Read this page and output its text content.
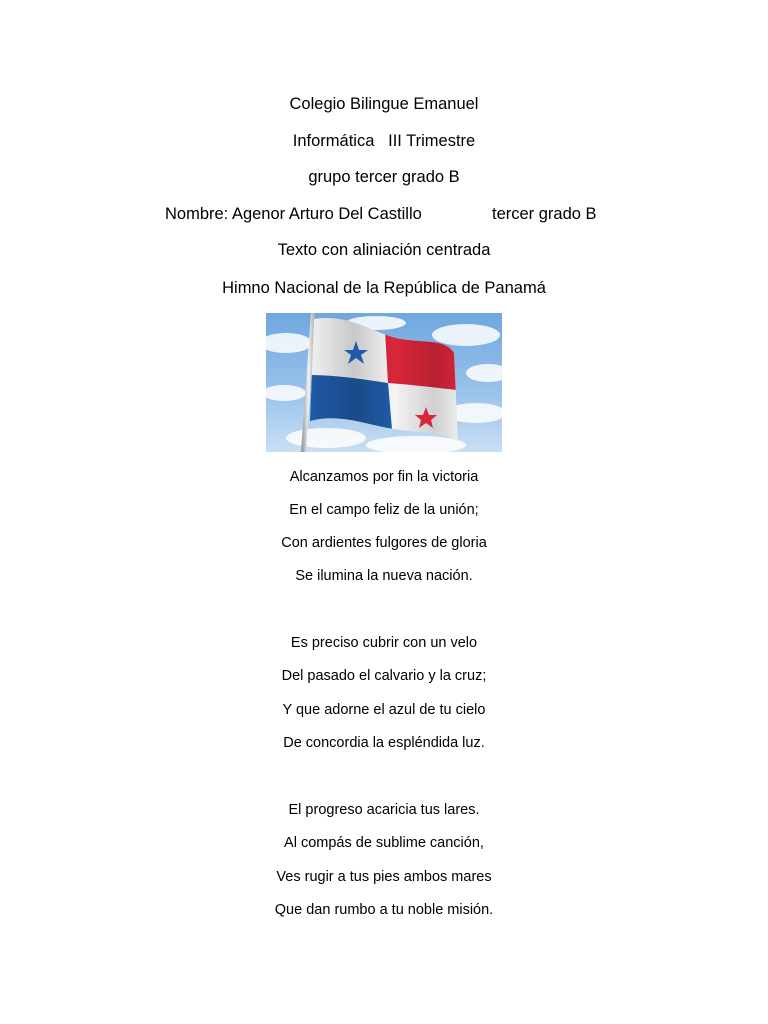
Colegio Bilingue Emanuel
Informática   III Trimestre
grupo tercer grado B
Nombre: Agenor Arturo Del Castillo	tercer grado B
Texto con aliniación centrada
Himno Nacional de la República de Panamá
Alcanzamos por fin la victoria
En el campo feliz de la unión;
Con ardientes fulgores de gloria
Se ilumina la nueva nación.
Es preciso cubrir con un velo
Del pasado el calvario y la cruz;
Y que adorne el azul de tu cielo
De concordia la espléndida luz.
El progreso acaricia tus lares.
Al compás de sublime canción,
Ves rugir a tus pies ambos mares
Que dan rumbo a tu noble misión.
